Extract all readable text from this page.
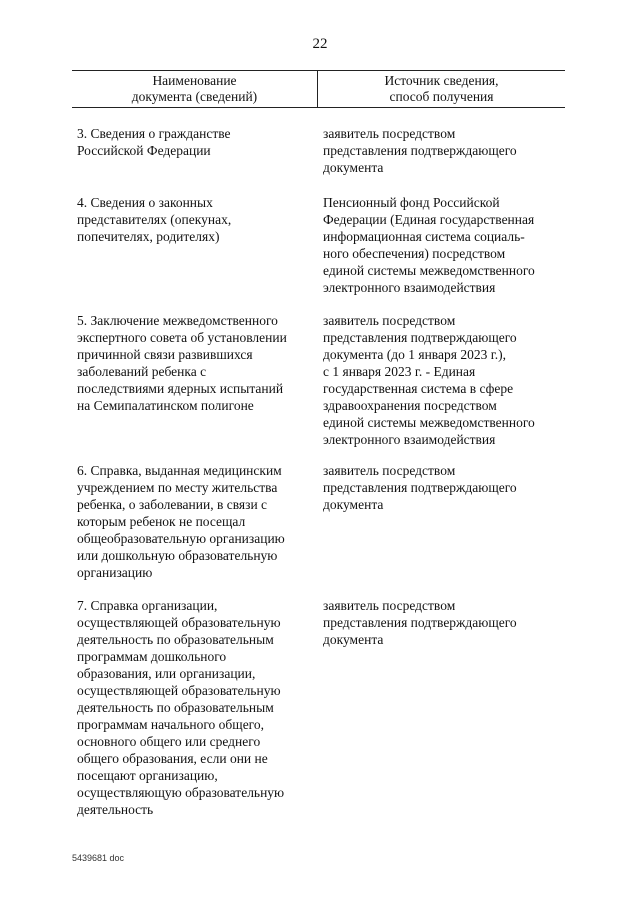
22
Наименование
документа (сведений)
Источник сведения,
способ получения
3. Сведения о гражданстве
Российской Федерации
заявитель посредством
представления подтверждающего
документа
4. Сведения о законных
представителях (опекунах,
попечителях, родителях)
Пенсионный фонд Российской
Федерации (Единая государственная
информационная система социаль-
ного обеспечения) посредством
единой системы межведомственного
электронного взаимодействия
5. Заключение межведомственного
экспертного совета об установлении
причинной связи развившихся
заболеваний ребенка с
последствиями ядерных испытаний
на Семипалатинском полигоне
заявитель посредством
представления подтверждающего
документа (до 1 января 2023 г.),
с 1 января 2023 г. - Единая
государственная система в сфере
здравоохранения посредством
единой системы межведомственного
электронного взаимодействия
6. Справка, выданная медицинским
учреждением по месту жительства
ребенка, о заболевании, в связи с
которым ребенок не посещал
общеобразовательную организацию
или дошкольную образовательную
организацию
заявитель посредством
представления подтверждающего
документа
7. Справка организации,
осуществляющей образовательную
деятельность по образовательным
программам дошкольного
образования, или организации,
осуществляющей образовательную
деятельность по образовательным
программам начального общего,
основного общего или среднего
общего образования, если они не
посещают организацию,
осуществляющую образовательную
деятельность
заявитель посредством
представления подтверждающего
документа
5439681 doc
